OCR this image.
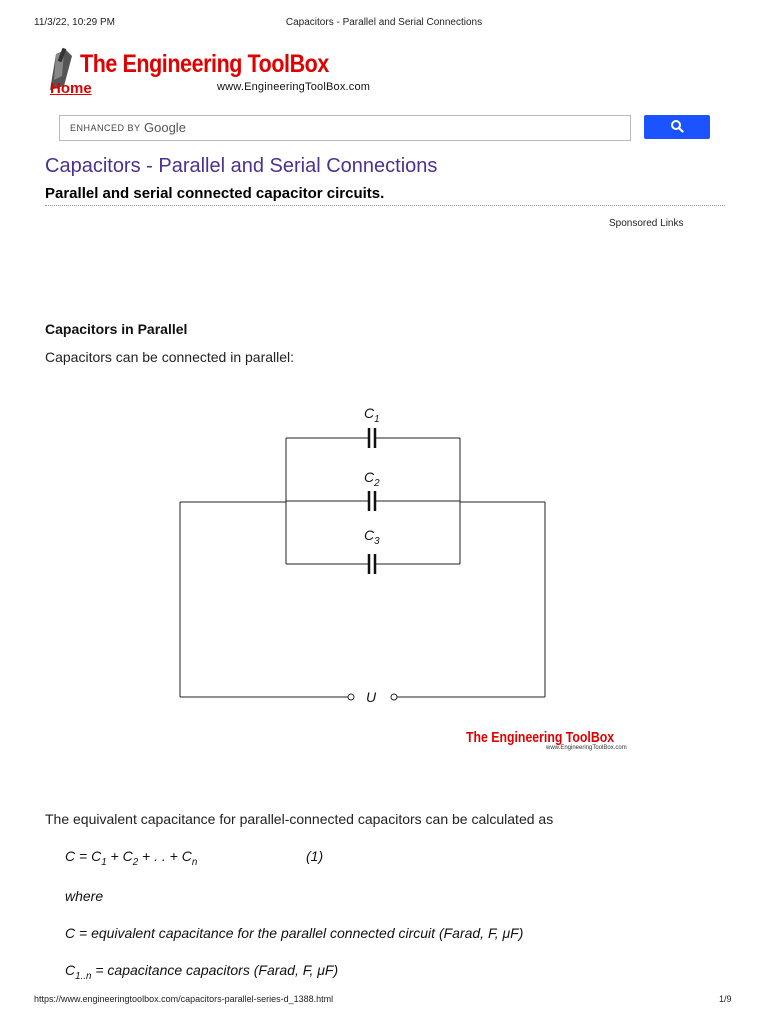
11/3/22, 10:29 PM	Capacitors - Parallel and Serial Connections
The Engineering ToolBox
Home	www.EngineeringToolBox.com
ENHANCED BY Google
Capacitors - Parallel and Serial Connections
Parallel and serial connected capacitor circuits.
Sponsored Links
Capacitors in Parallel
Capacitors can be connected in parallel:
$C_1$
$C_2$
$C_3$
U
The Engineering ToolBox
www.EngineeringToolBox.com
The equivalent capacitance for parallel-connected capacitors can be calculated as
$C = C_1 + C_2$ + . . + $C_n$	(1)
where
C = equivalent capacitance for the parallel connected circuit (Farad, F, μF)
$C_{1..n}$ = capacitance capacitors (Farad, F, μF)
https://www.engineeringtoolbox.com/capacitors-parallel-series-d_1388.html	1/9
